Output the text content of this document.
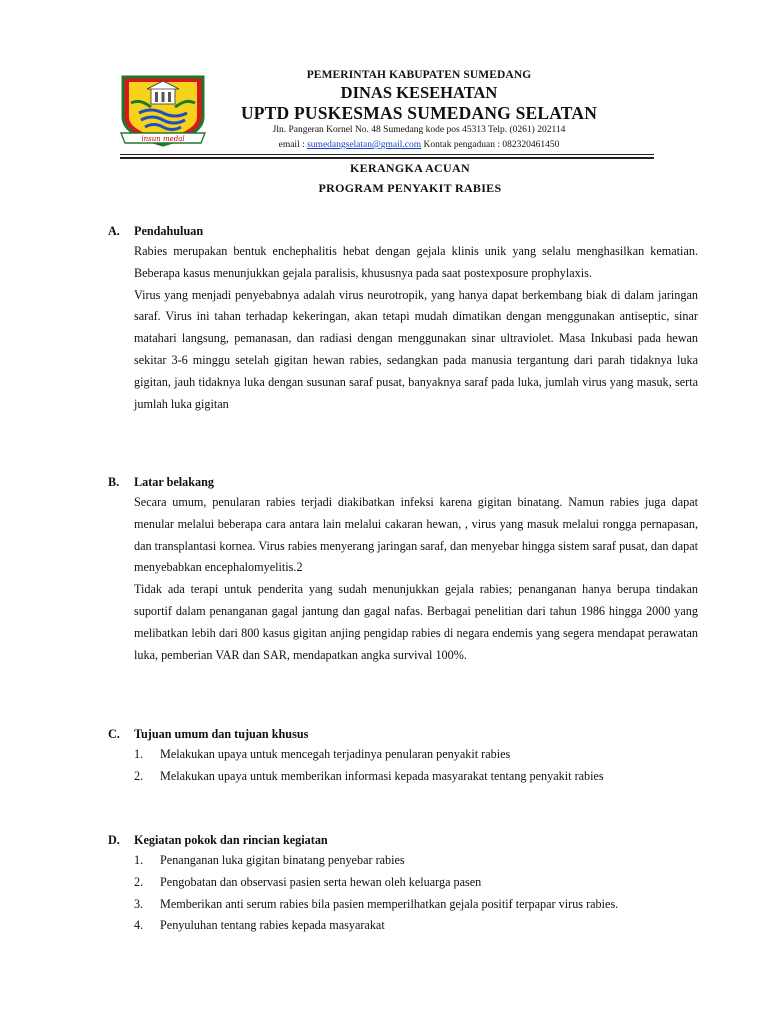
insun medal
PEMERINTAH KABUPATEN SUMEDANG
DINAS KESEHATAN
UPTD PUSKESMAS SUMEDANG SELATAN
Jln. Pangeran Kornel No. 48 Sumedang kode pos 45313 Telp. (0261) 202114
email : sumedangselatan@gmail.com Kontak pengaduan : 082320461450
KERANGKA ACUAN
PROGRAM PENYAKIT RABIES
A. Pendahuluan
Rabies merupakan bentuk enchephalitis hebat dengan gejala klinis unik yang selalu menghasilkan kematian. Beberapa kasus menunjukkan gejala paralisis, khususnya pada saat postexposure prophylaxis.
Virus yang menjadi penyebabnya adalah virus neurotropik, yang hanya dapat berkembang biak di dalam jaringan saraf. Virus ini tahan terhadap kekeringan, akan tetapi mudah dimatikan dengan menggunakan antiseptic, sinar matahari langsung, pemanasan, dan radiasi dengan menggunakan sinar ultraviolet. Masa Inkubasi pada hewan sekitar 3-6 minggu setelah gigitan hewan rabies, sedangkan pada manusia tergantung dari parah tidaknya luka gigitan, jauh tidaknya luka dengan susunan saraf pusat, banyaknya saraf pada luka, jumlah virus yang masuk, serta jumlah luka gigitan
B. Latar belakang
Secara umum, penularan rabies terjadi diakibatkan infeksi karena gigitan binatang. Namun rabies juga dapat menular melalui beberapa cara antara lain melalui cakaran hewan, , virus yang masuk melalui rongga pernapasan, dan transplantasi kornea. Virus rabies menyerang jaringan saraf, dan menyebar hingga sistem saraf pusat, dan dapat menyebabkan encephalomyelitis.2
Tidak ada terapi untuk penderita yang sudah menunjukkan gejala rabies; penanganan hanya berupa tindakan suportif dalam penanganan gagal jantung dan gagal nafas. Berbagai penelitian dari tahun 1986 hingga 2000 yang melibatkan lebih dari 800 kasus gigitan anjing pengidap rabies di negara endemis yang segera mendapat perawatan luka, pemberian VAR dan SAR, mendapatkan angka survival 100%.
C. Tujuan umum dan tujuan khusus
1.	Melakukan upaya untuk mencegah terjadinya penularan penyakit rabies
2.	Melakukan upaya untuk memberikan informasi kepada masyarakat tentang penyakit rabies
D. Kegiatan pokok dan rincian kegiatan
1.	Penanganan luka gigitan binatang penyebar rabies
2.	Pengobatan dan observasi pasien serta hewan oleh keluarga pasen
3.	Memberikan anti serum rabies bila pasien memperilhatkan gejala positif terpapar virus rabies.
4.	Penyuluhan tentang rabies kepada masyarakat
